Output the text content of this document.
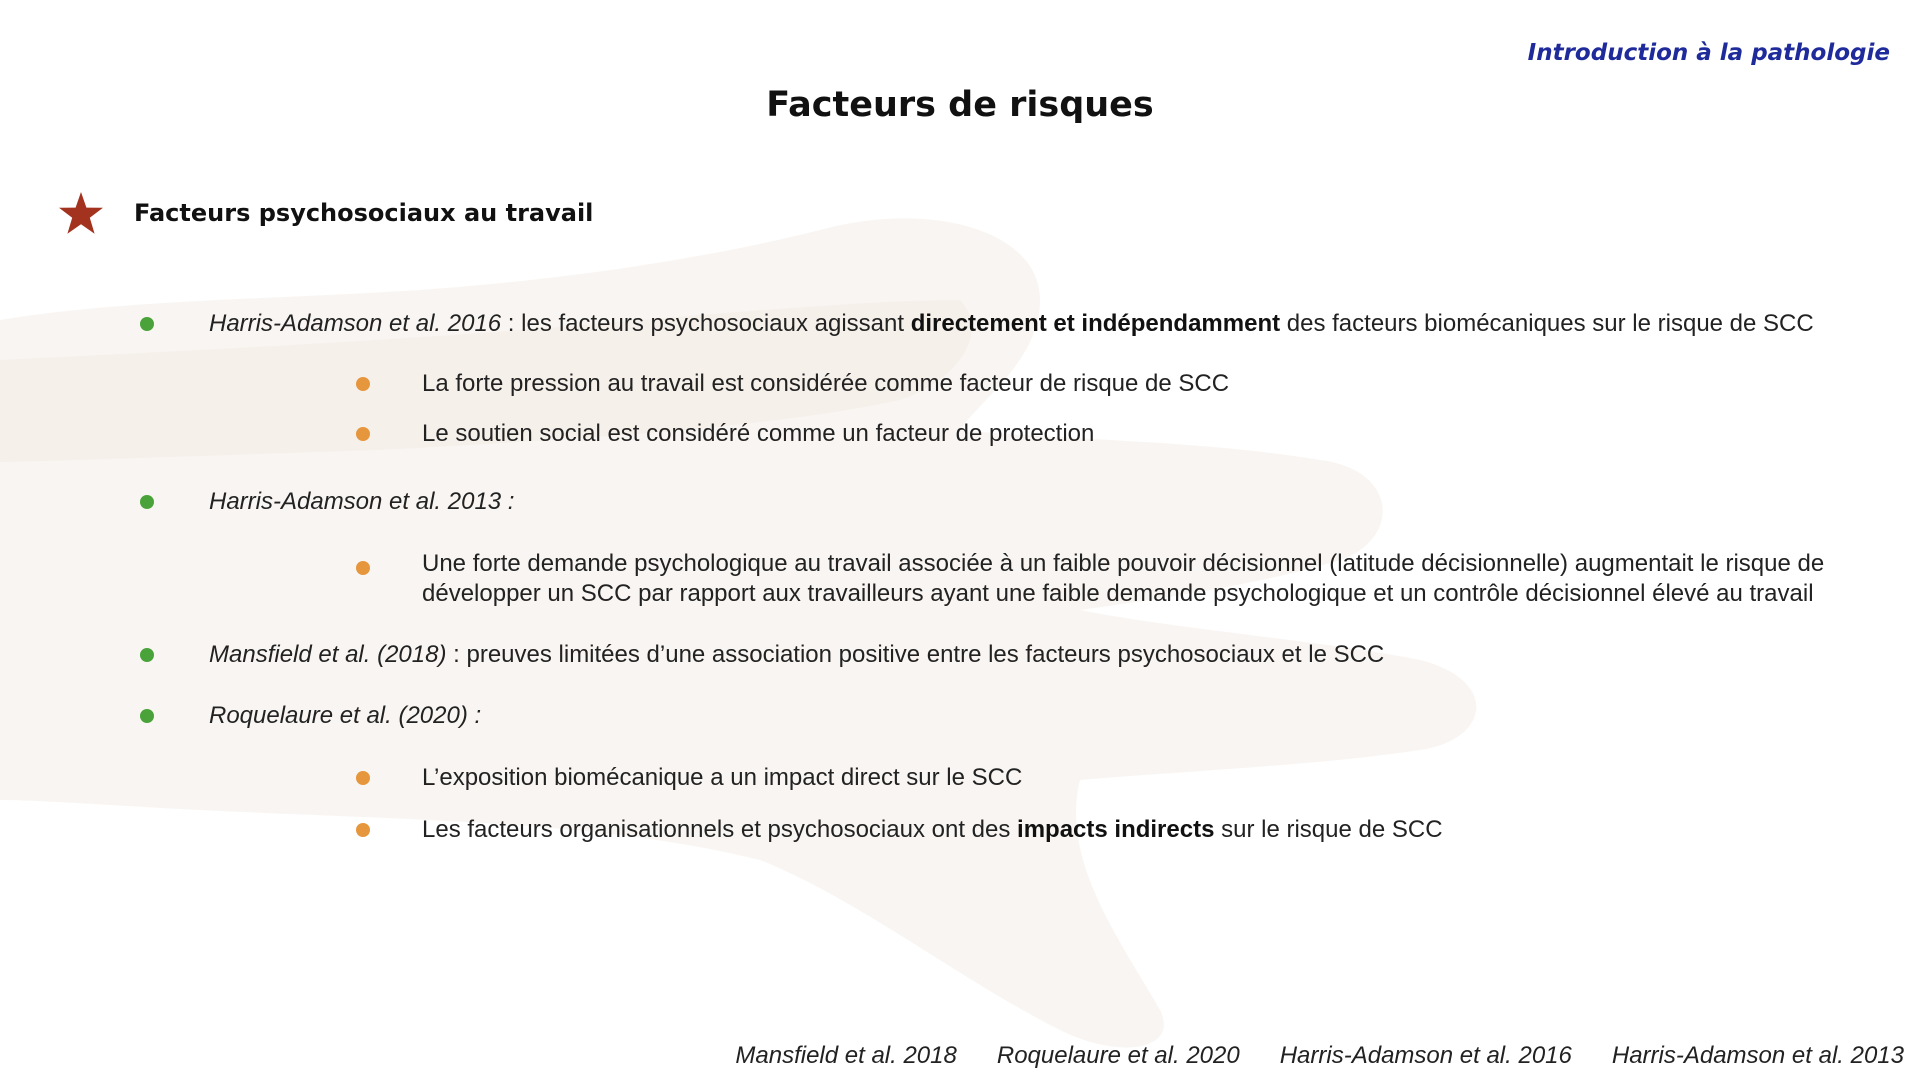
Introduction à la pathologie
Facteurs de risques
Facteurs psychosociaux au travail
Harris-Adamson et al. 2016 : les facteurs psychosociaux agissant directement et indépendamment des facteurs biomécaniques sur le risque de SCC
La forte pression au travail est considérée comme facteur de risque de SCC
Le soutien social est considéré comme un facteur de protection
Harris-Adamson et al. 2013 :
Une forte demande psychologique au travail associée à un faible pouvoir décisionnel (latitude décisionnelle) augmentait le risque de développer un SCC par rapport aux travailleurs ayant une faible demande psychologique et un contrôle décisionnel élevé au travail
Mansfield et al. (2018) : preuves limitées d’une association positive entre les facteurs psychosociaux et le SCC
Roquelaure et al. (2020) :
L’exposition biomécanique a un impact direct sur le SCC
Les facteurs organisationnels et psychosociaux ont des impacts indirects sur le risque de SCC
Mansfield et al. 2018 Roquelaure et al. 2020 Harris-Adamson et al. 2016 Harris-Adamson et al. 2013
